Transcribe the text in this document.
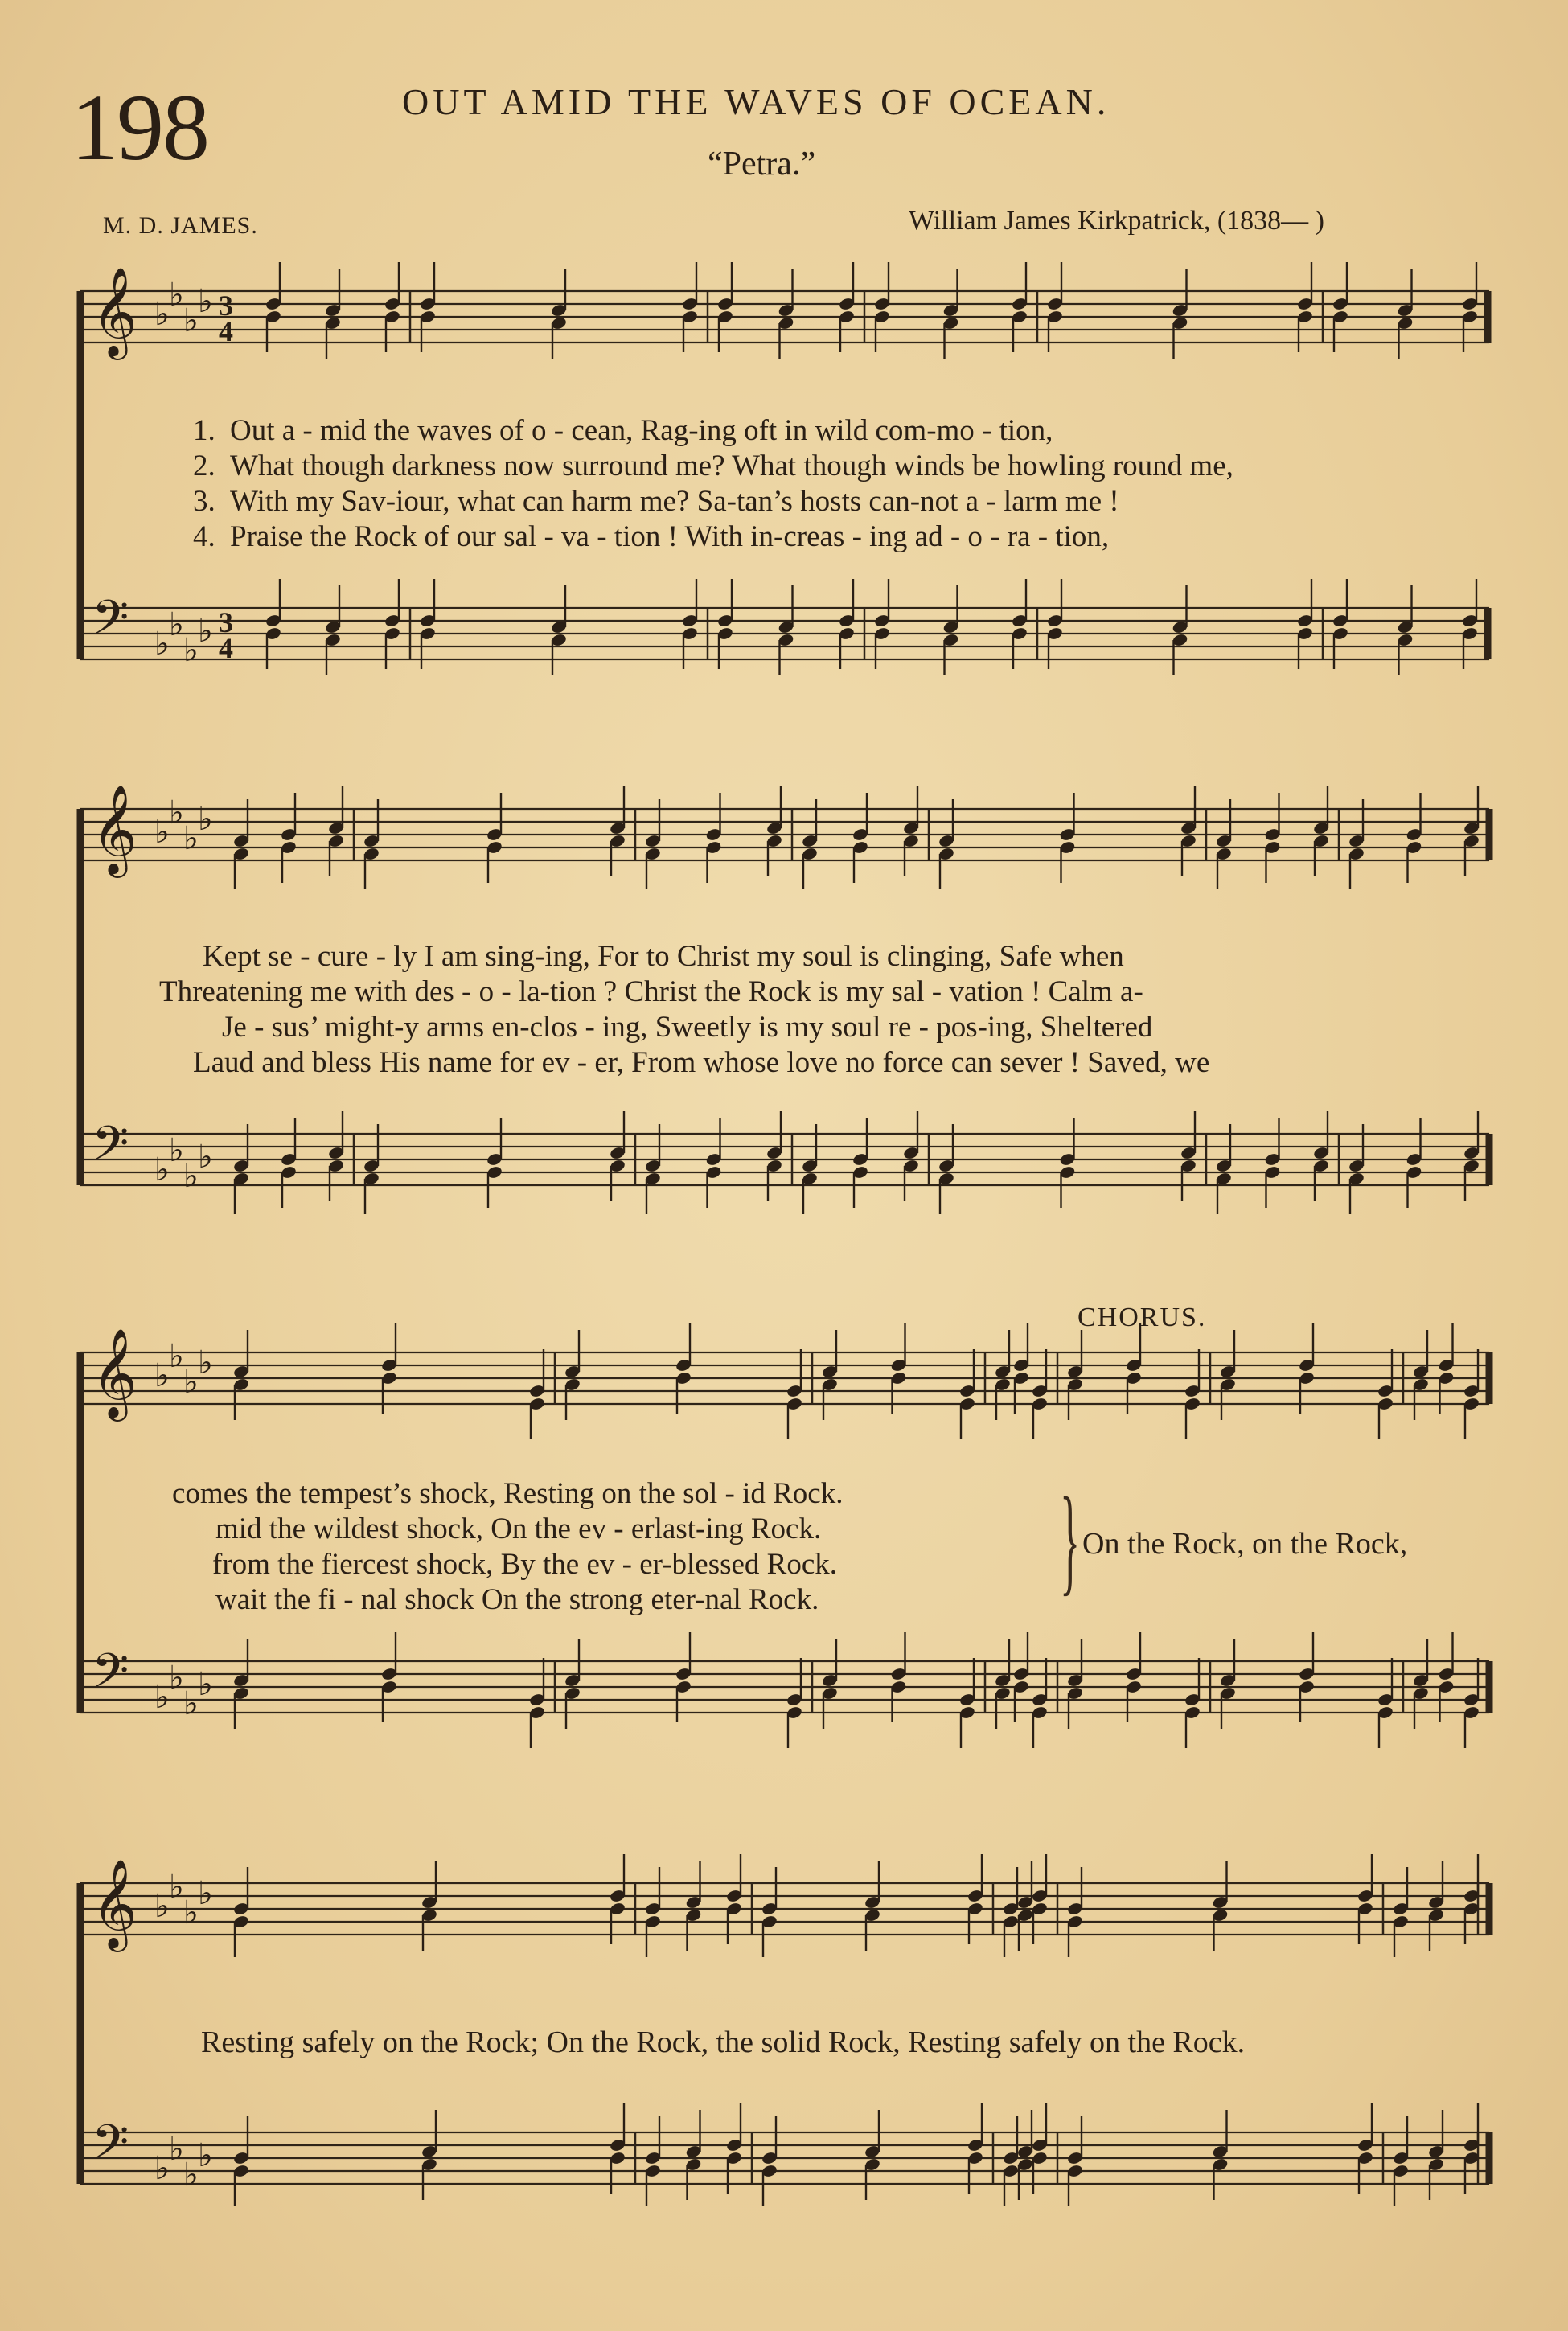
198	OUT AMID THE WAVES OF OCEAN.
“Petra.”
M. D. JAMES.	William James Kirkpatrick, (1838— )
𝄞 ♭
♭
♭
♭ 3
4
𝄢 ♭
♭
♭
♭ 3
4
𝄞 ♭
♭
♭
♭
𝄢 ♭
♭
♭
♭
𝄞 ♭
♭
♭
♭
𝄢 ♭
♭
♭
♭
𝄞 ♭
♭
♭
♭
𝄢 ♭
♭
♭
♭
1. Out a - mid the waves of o - cean, Rag-ing oft in wild com-mo - tion,
2. What though darkness now surround me? What though winds be howling round me,
3. With my Sav-iour, what can harm me? Sa-tan’s hosts can-not a - larm me !
4. Praise the Rock of our sal - va - tion ! With in-creas - ing ad - o - ra - tion,
Kept se - cure - ly I am sing-ing, For to Christ my soul is clinging, Safe when
Threatening me with des - o - la-tion ? Christ the Rock is my sal - vation ! Calm a-
Je - sus’ might-y arms en-clos - ing, Sweetly is my soul re - pos-ing, Sheltered
Laud and bless His name for ev - er, From whose love no force can sever ! Saved, we
CHORUS.
comes the tempest’s shock, Resting on the sol - id Rock.
mid the wildest shock, On the ev - erlast-ing Rock.
from the fiercest shock, By the ev - er-blessed Rock.
wait the fi - nal shock On the strong eter-nal Rock. } On the Rock, on the Rock,
Resting safely on the Rock; On the Rock, the solid Rock, Resting safely on the Rock.
